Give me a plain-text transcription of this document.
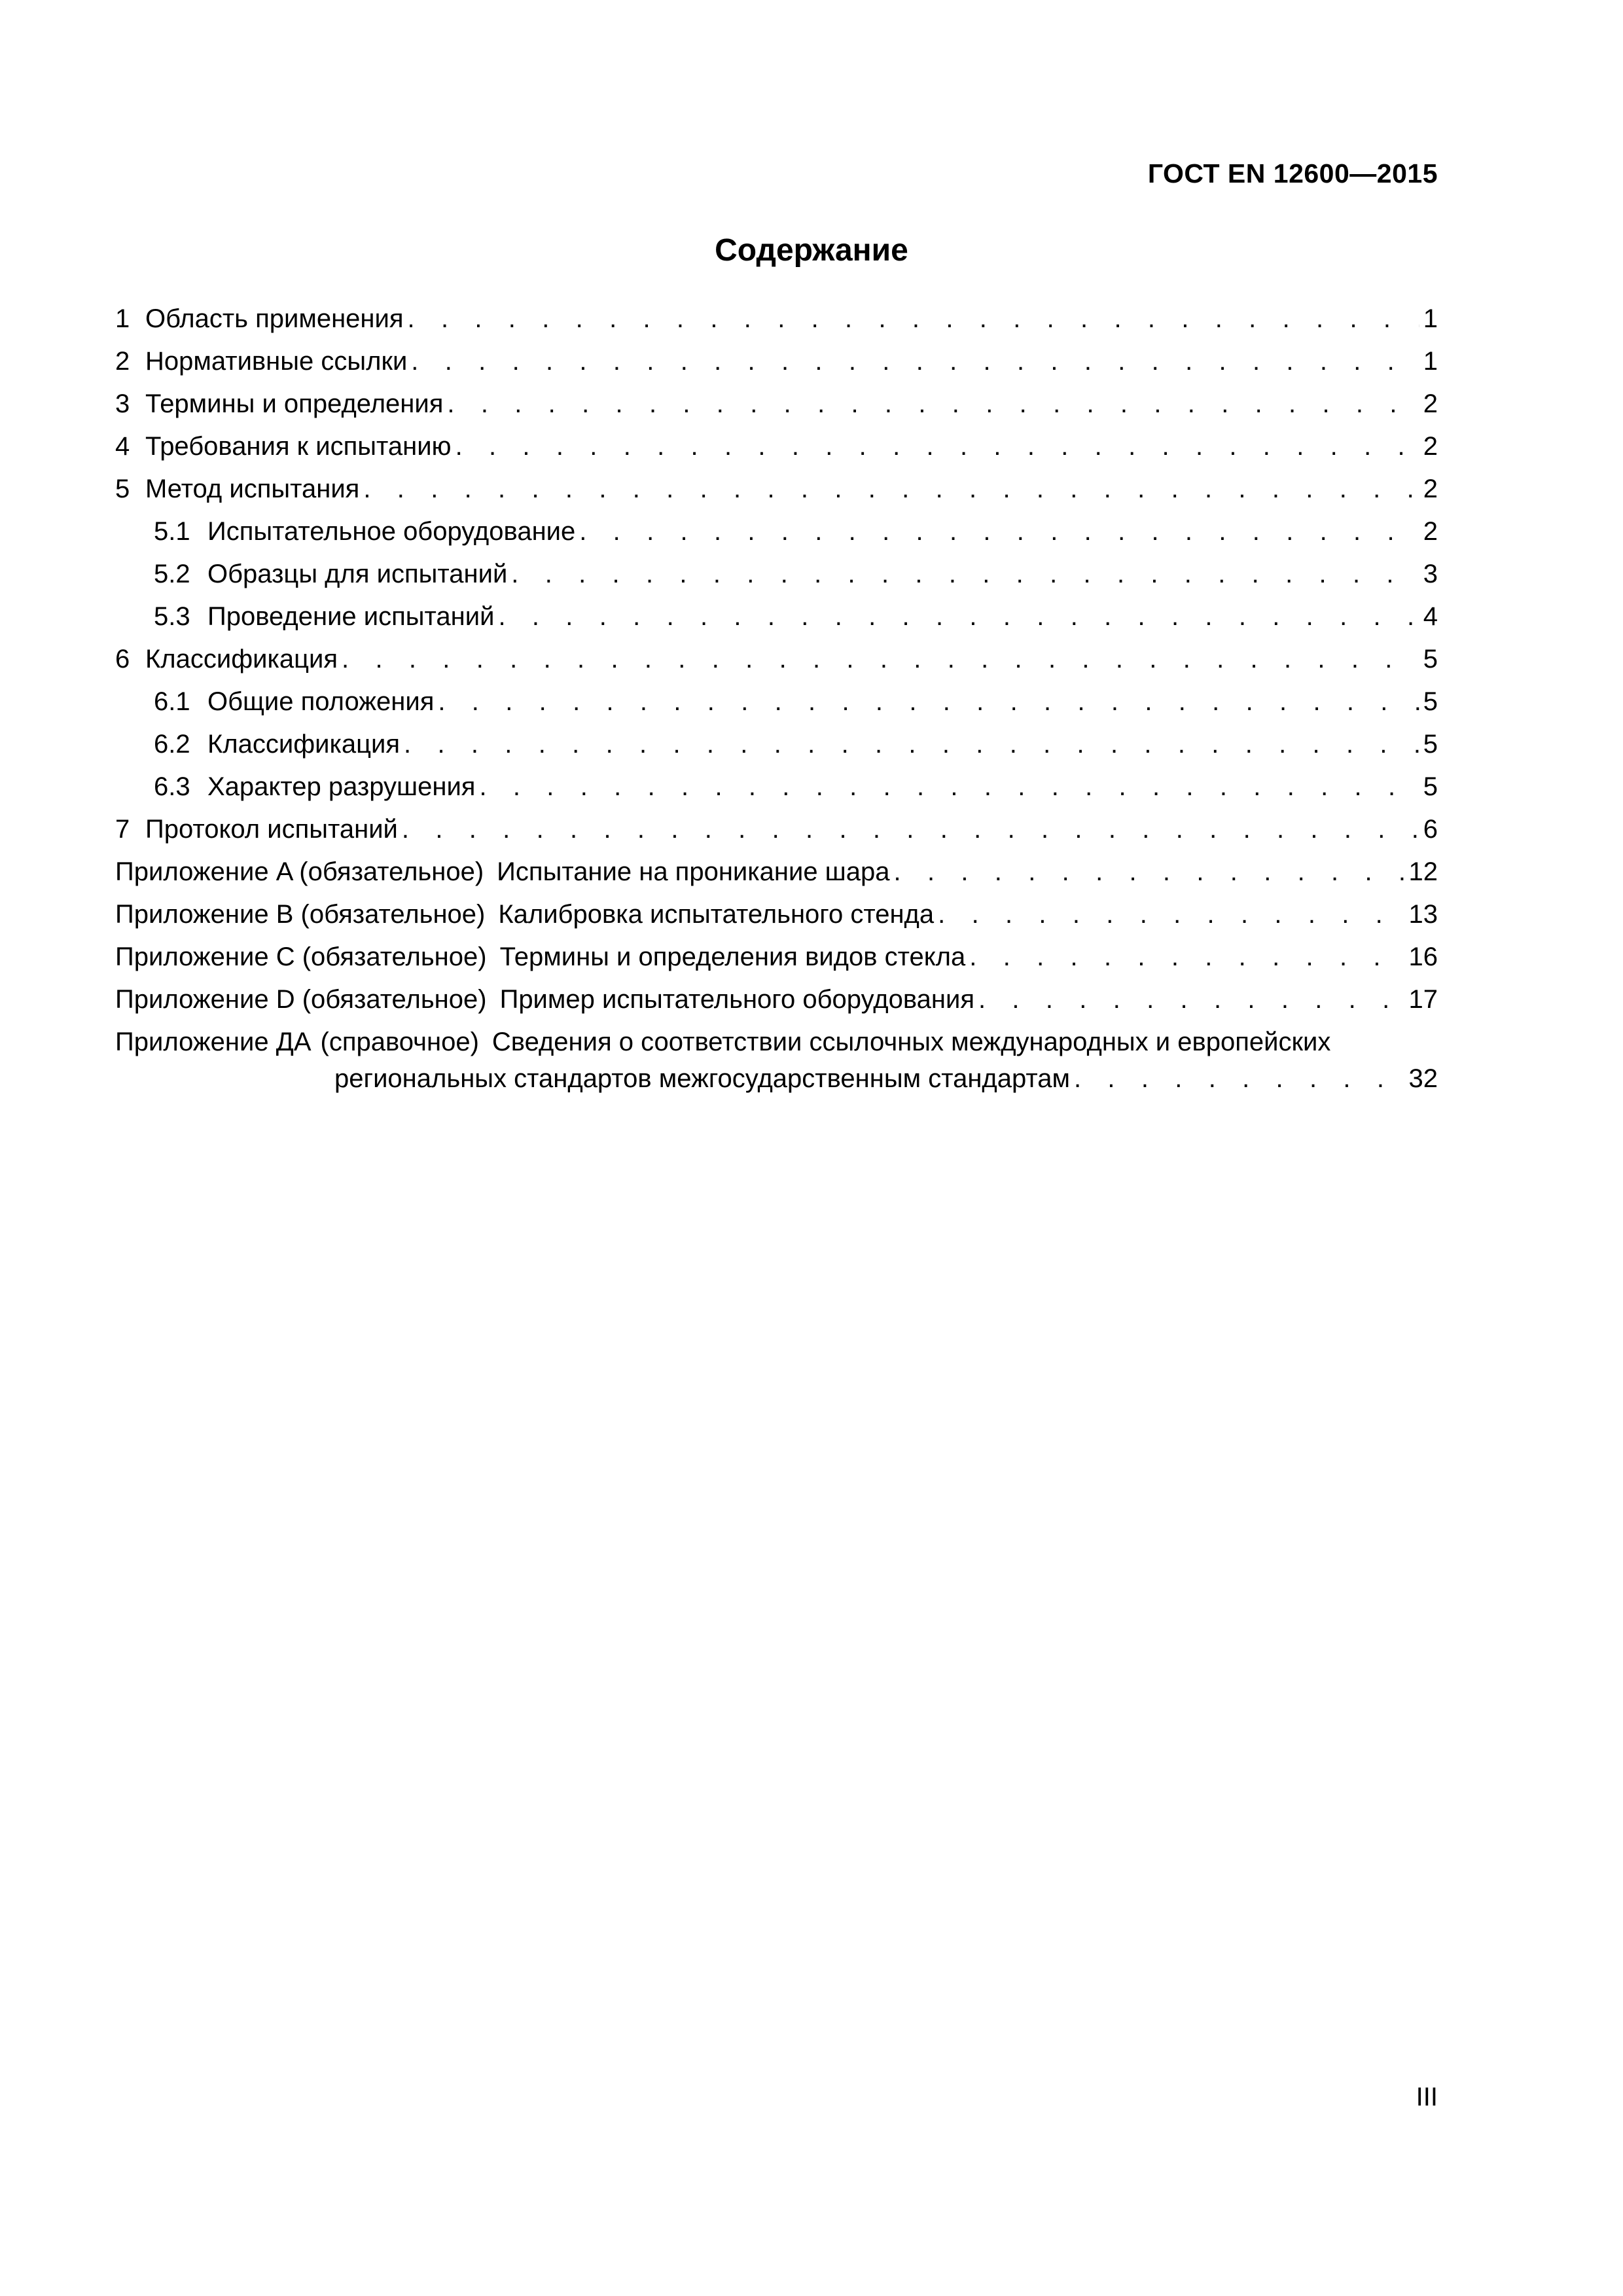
ГОСТ EN 12600—2015
Содержание
1 Область применения . . .	1
2 Нормативные ссылки . . .	1
3 Термины и определения . . .	2
4 Требования к испытанию . . .	2
5 Метод испытания . . .	2
5.1 Испытательное оборудование . . .	2
5.2 Образцы для испытаний . . .	3
5.3 Проведение испытаний . . .	4
6 Классификация . . .	5
6.1 Общие положения . . .	5
6.2 Классификация . . .	5
6.3 Характер разрушения . . .	5
7 Протокол испытаний . . .	6
Приложение A (обязательное) Испытание на проникание шара . . .	12
Приложение B (обязательное) Калибровка испытательного стенда . . .	13
Приложение C (обязательное) Термины и определения видов стекла . . .	16
Приложение D (обязательное) Пример испытательного оборудования . . .	17
Приложение ДА (справочное) Сведения о соответствии ссылочных международных и европейских
региональных стандартов межгосударственным стандартам . . .	32
III
